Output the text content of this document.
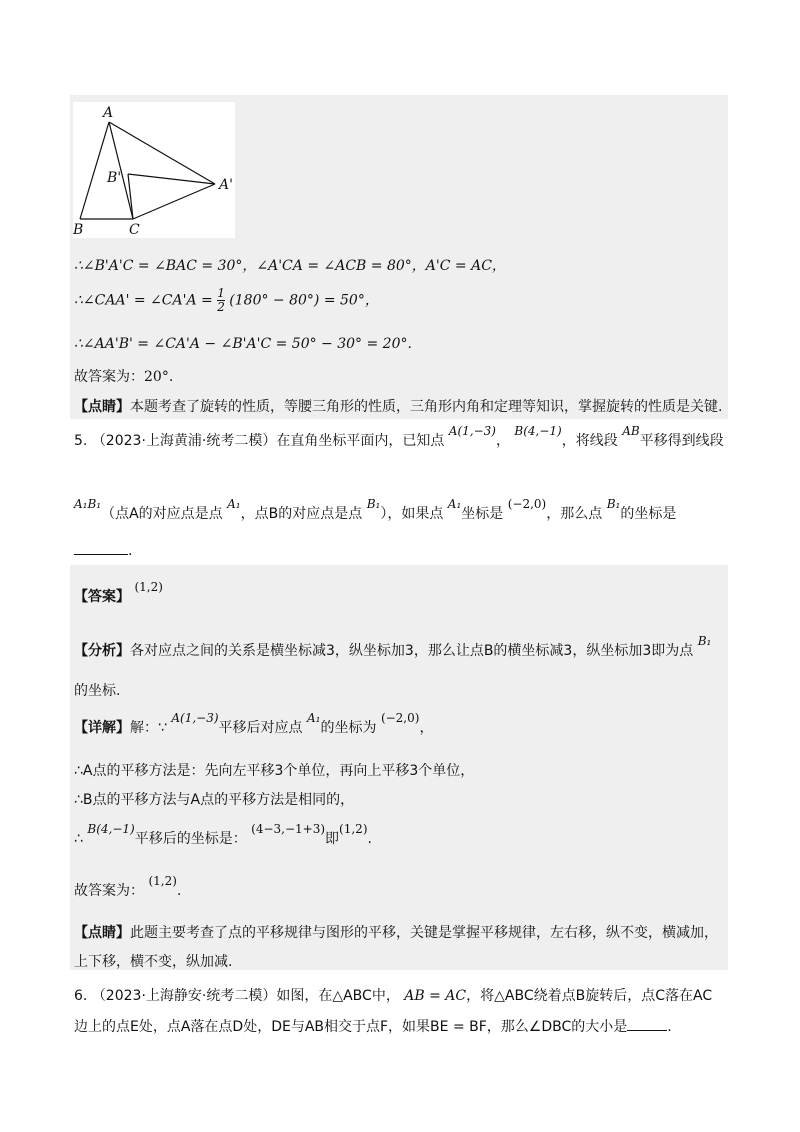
A
B'	A'
B	C
∴∠B'A'C = ∠BAC = 30°，∠A'CA = ∠ACB = 80°，A'C = AC，
∴∠CAA' = ∠CA'A = $\frac{1}{2} (180^\circ - 80^\circ) = 50^\circ$，
∴∠AA'B' = ∠CA'A − ∠B'A'C = 50° − 30° = 20°.
故答案为：20°.
【点睛】本题考查了旋转的性质，等腰三角形的性质，三角形内角和定理等知识，掌握旋转的性质是关键.
5. （2023·上海黄浦·统考二模）在直角坐标平面内，已知点 A(1,−3)， B(4,−1)，将线段 AB平移得到线段
A₁B₁（点A的对应点是点 A₁，点B的对应点是点 B₁），如果点 A₁坐标是 (−2,0)，那么点 B₁的坐标是
.
【答案】 (1,2)
【分析】各对应点之间的关系是横坐标减3，纵坐标加3，那么让点B的横坐标减3，纵坐标加3即为点 B₁
的坐标.
【详解】解：∵ A(1,−3)平移后对应点 A₁的坐标为 (−2,0)，
∴A点的平移方法是：先向左平移3个单位，再向上平移3个单位，
∴B点的平移方法与A点的平移方法是相同的，
∴ B(4,−1)平移后的坐标是： (4−3,−1+3)即(1,2).
故答案为： (1,2).
【点睛】此题主要考查了点的平移规律与图形的平移，关键是掌握平移规律，左右移，纵不变，横减加，
上下移，横不变，纵加减.
6. （2023·上海静安·统考二模）如图，在△ABC中， AB = AC，将△ABC绕着点B旋转后，点C落在AC
边上的点E处，点A落在点D处，DE与AB相交于点F，如果BE = BF，那么∠DBC的大小是	.
